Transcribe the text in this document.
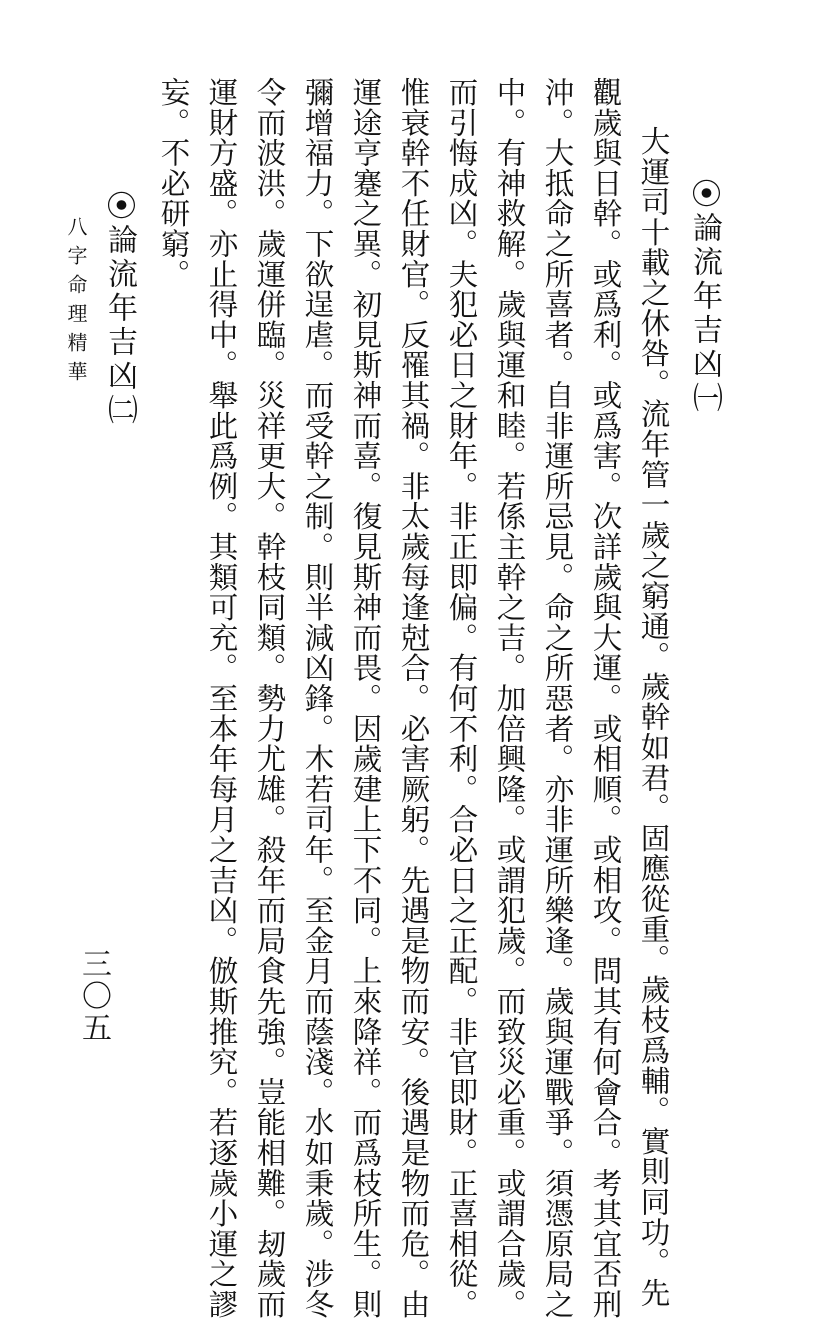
⦿論流年吉凶㈠
大運司十載之休咎。流年管一歲之窮通。歲幹如君。固應從重。歲枝爲輔。實則同功。先
觀歲與日幹。或爲利。或爲害。次詳歲與大運。或相順。或相攻。問其有何會合。考其宜否刑
沖。大抵命之所喜者。自非運所忌見。命之所惡者。亦非運所樂逢。歲與運戰爭。須憑原局之
中。有神救解。歲與運和睦。若係主幹之吉。加倍興隆。或謂犯歲。而致災必重。或謂合歲。
而引悔成凶。夫犯必日之財年。非正即偏。有何不利。合必日之正配。非官即財。正喜相從。
惟衰幹不任財官。反罹其禍。非太歲每逢尅合。必害厥躬。先遇是物而安。後遇是物而危。由
運途亨蹇之異。初見斯神而喜。復見斯神而畏。因歲建上下不同。上來降祥。而爲枝所生。則
彌增福力。下欲逞虐。而受幹之制。則半減凶鋒。木若司年。至金月而蔭淺。水如秉歲。涉冬
令而波洪。歲運併臨。災祥更大。幹枝同類。勢力尤雄。殺年而局食先強。豈能相難。刼歲而
運財方盛。亦止得中。舉此爲例。其類可充。至本年每月之吉凶。倣斯推究。若逐歲小運之謬
妄。不必研窮。
⦿論流年吉凶㈡
八字命理精華
三〇五
